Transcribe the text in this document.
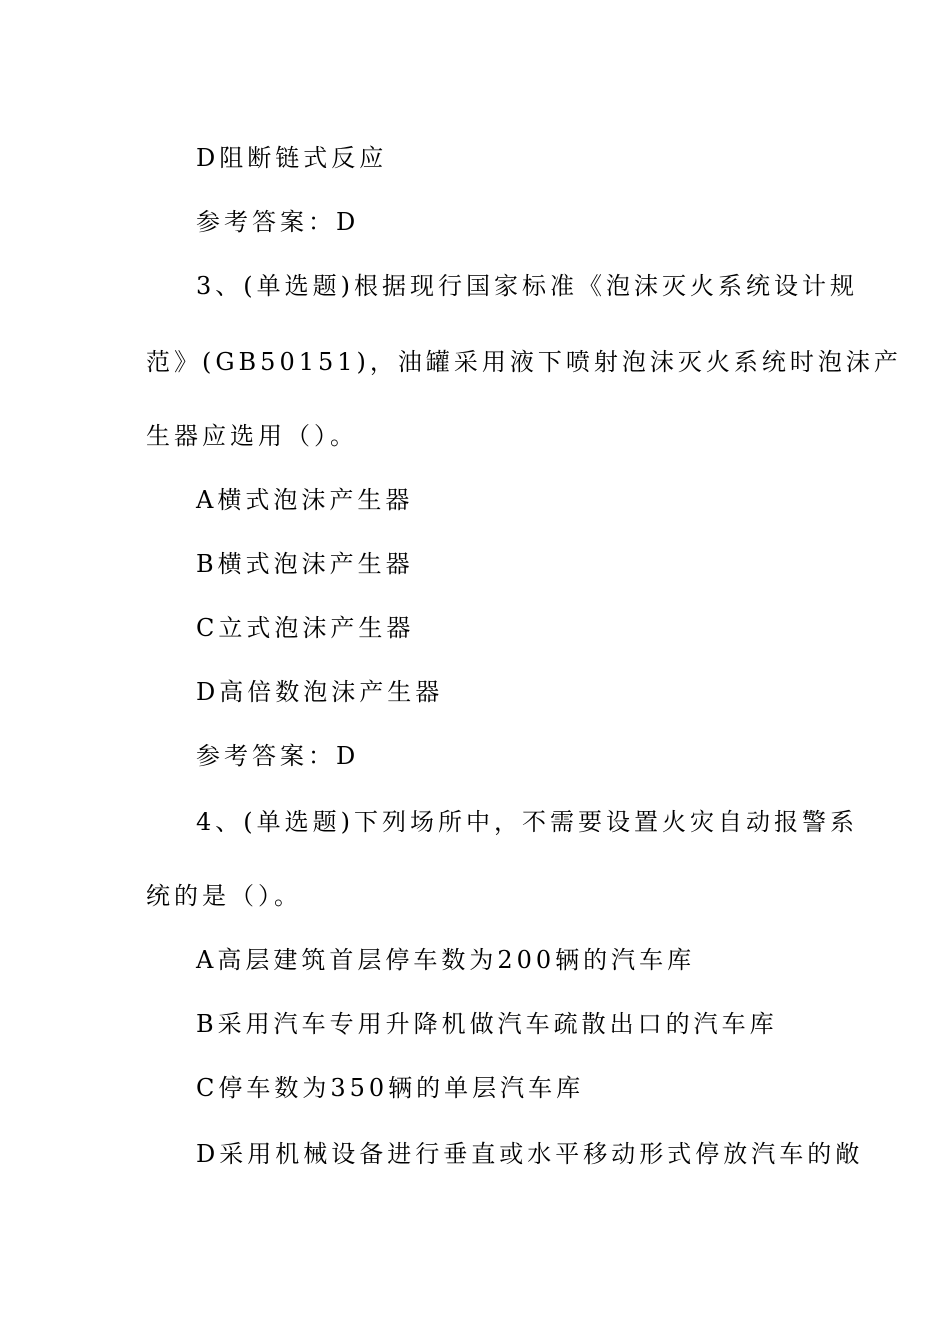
D阻断链式反应
参考答案：D
3、(单选题)根据现行国家标准《泡沫灭火系统设计规
范》(GB50151)，油罐采用液下喷射泡沫灭火系统时泡沫产
生器应选用（）。
A横式泡沫产生器
B横式泡沫产生器
C立式泡沫产生器
D高倍数泡沫产生器
参考答案：D
4、(单选题)下列场所中，不需要设置火灾自动报警系
统的是（）。
A高层建筑首层停车数为200辆的汽车库
B采用汽车专用升降机做汽车疏散出口的汽车库
C停车数为350辆的单层汽车库
D采用机械设备进行垂直或水平移动形式停放汽车的敞
